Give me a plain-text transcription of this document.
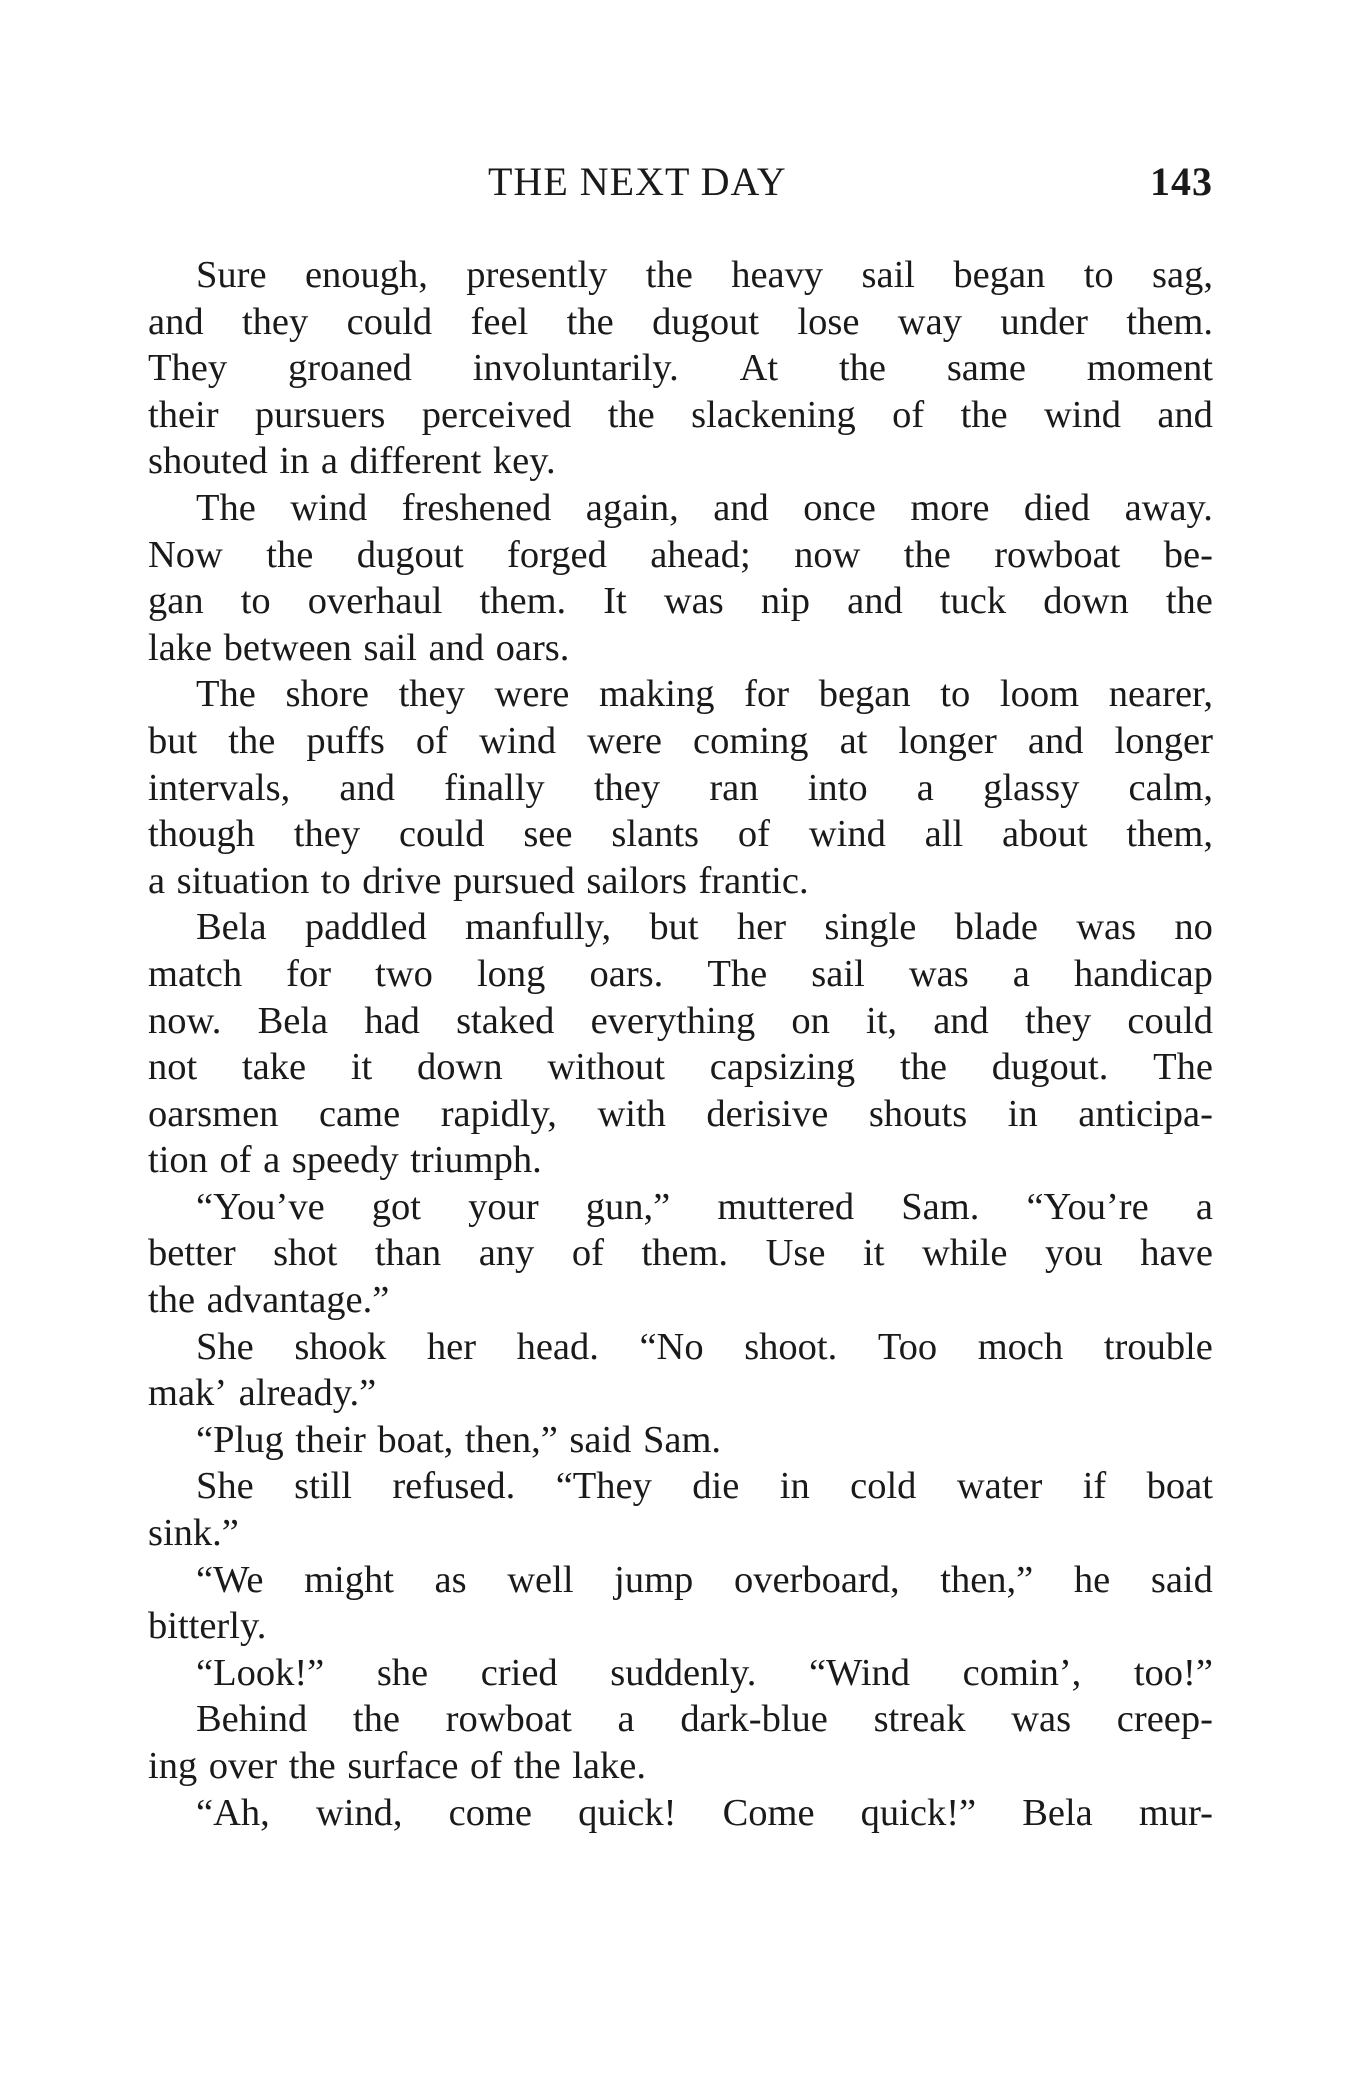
THE NEXT DAY	143
Sure enough, presently the heavy sail began to sag,
and they could feel the dugout lose way under them.
They groaned involuntarily. At the same moment
their pursuers perceived the slackening of the wind and
shouted in a different key.
The wind freshened again, and once more died away.
Now the dugout forged ahead; now the rowboat be-
gan to overhaul them. It was nip and tuck down the
lake between sail and oars.
The shore they were making for began to loom nearer,
but the puffs of wind were coming at longer and longer
intervals, and finally they ran into a glassy calm,
though they could see slants of wind all about them,
a situation to drive pursued sailors frantic.
Bela paddled manfully, but her single blade was no
match for two long oars. The sail was a handicap
now. Bela had staked everything on it, and they could
not take it down without capsizing the dugout. The
oarsmen came rapidly, with derisive shouts in anticipa-
tion of a speedy triumph.
“You’ve got your gun,” muttered Sam. “You’re a
better shot than any of them. Use it while you have
the advantage.”
She shook her head. “No shoot. Too moch trouble
mak’ already.”
“Plug their boat, then,” said Sam.
She still refused. “They die in cold water if boat
sink.”
“We might as well jump overboard, then,” he said
bitterly.
“Look!” she cried suddenly. “Wind comin’, too!”
Behind the rowboat a dark-blue streak was creep-
ing over the surface of the lake.
“Ah, wind, come quick! Come quick!” Bela mur-
